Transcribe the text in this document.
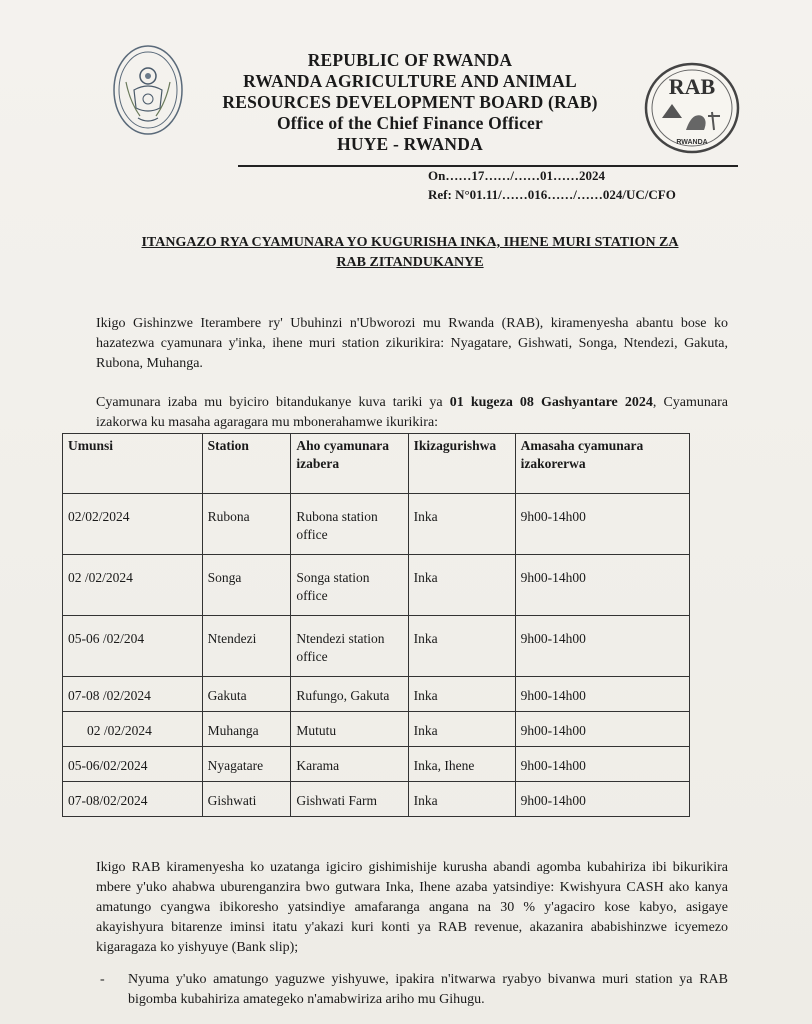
REPUBLIC OF RWANDA
RWANDA AGRICULTURE AND ANIMAL
RESOURCES DEVELOPMENT BOARD (RAB)
Office of the Chief Finance Officer
HUYE - RWANDA
RAB
RWANDA
On……17……/……01……2024
Ref: N°01.11/……016……/……024/UC/CFO
ITANGAZO RYA CYAMUNARA YO KUGURISHA INKA, IHENE MURI STATION ZA
RAB ZITANDUKANYE
Ikigo Gishinzwe Iterambere ry' Ubuhinzi n'Ubworozi mu Rwanda (RAB), kiramenyesha abantu bose ko hazatezwa cyamunara y'inka, ihene muri station zikurikira: Nyagatare, Gishwati, Songa, Ntendezi, Gakuta, Rubona, Muhanga.
Cyamunara izaba mu byiciro bitandukanye kuva tariki ya 01 kugeza 08 Gashyantare 2024, Cyamunara izakorwa ku masaha agaragara mu mbonerahamwe ikurikira:
Umunsi	Station	Aho cyamunara izabera	Ikizagurishwa	Amasaha cyamunara izakorerwa
02/02/2024	Rubona	Rubona station office	Inka	9h00-14h00
02 /02/2024	Songa	Songa station office	Inka	9h00-14h00
05-06 /02/204	Ntendezi	Ntendezi station office	Inka	9h00-14h00
07-08 /02/2024	Gakuta	Rufungo, Gakuta	Inka	9h00-14h00
02 /02/2024	Muhanga	Mututu	Inka	9h00-14h00
05-06/02/2024	Nyagatare	Karama	Inka, Ihene	9h00-14h00
07-08/02/2024	Gishwati	Gishwati Farm	Inka	9h00-14h00
Ikigo RAB kiramenyesha ko uzatanga igiciro gishimishije kurusha abandi agomba kubahiriza ibi bikurikira mbere y'uko ahabwa uburenganzira bwo gutwara Inka, Ihene azaba yatsindiye: Kwishyura CASH ako kanya amatungo cyangwa ibikoresho yatsindiye amafaranga angana na 30 % y'agaciro kose kabyo, asigaye akayishyura bitarenze iminsi itatu y'akazi kuri konti ya RAB revenue, akazanira ababishinzwe icyemezo kigaragaza ko yishyuye (Bank slip);
- Nyuma y'uko amatungo yaguzwe yishyuwe, ipakira n'itwarwa ryabyo bivanwa muri station ya RAB bigomba kubahiriza amategeko n'amabwiriza ariho mu Gihugu.
